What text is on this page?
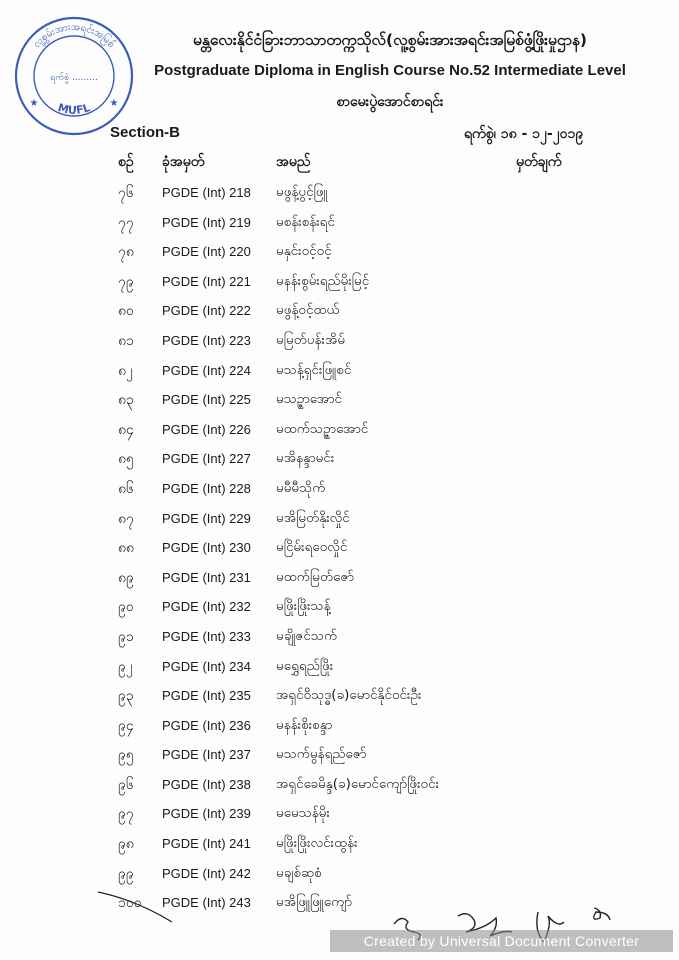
လူ့စွမ်းအားအရင်းအမြစ်
MUFL
ရက်စွဲ .........
★	★
မန္တလေးနိုင်ငံခြားဘာသာတက္ကသိုလ်(လူ့စွမ်းအားအရင်းအမြစ်ဖွံ့ဖြိုးမှုဌာန)
Postgraduate Diploma in English Course No.52 Intermediate Level
စာမေးပွဲအောင်စာရင်း
Section-B	ရက်စွဲ၊ ၁၈ - ၁၂-၂၀၁၉
စဉ် ခုံအမှတ်	အမည်	မှတ်ချက်
၇၆ PGDE (Int) 218 မဖွန့်ပွင့်ဖြူ
၇၇ PGDE (Int) 219 မစန်းစန်းရင်
၇၈ PGDE (Int) 220 မနှင်းဝင့်ဝင့်
၇၉ PGDE (Int) 221 မနန်းစွမ်းရည်မိုးမြင့်
၈၀ PGDE (Int) 222 မဖွန့်ဝင့်ထယ်
၈၁ PGDE (Int) 223 မမြတ်ပန်းအိမ်
၈၂ PGDE (Int) 224 မသန့်ရှင်းဖြူစင်
၈၃ PGDE (Int) 225 မသဉ္ဇာအောင်
၈၄ PGDE (Int) 226 မထက်သဉ္ဇာအောင်
၈၅ PGDE (Int) 227 မအိနန္ဒာမင်း
၈၆ PGDE (Int) 228 မမီမီသိုက်
၈၇ PGDE (Int) 229 မအိမြတ်နိုးလှိုင်
၈၈ PGDE (Int) 230 မငြိမ်းရဝေလှိုင်
၈၉ PGDE (Int) 231 မထက်မြတ်ဇော်
၉၀ PGDE (Int) 232 မဖြိုးဖြိုးသန့်
၉၁ PGDE (Int) 233 မချိုဇင်သက်
၉၂ PGDE (Int) 234 မရွှေရည်ဖြိုး
၉၃ PGDE (Int) 235 အရှင်ဝိသုဒ္ဓ(ခ)မောင်နိုင်ဝင်းဦး
၉၄ PGDE (Int) 236 မနန်းစိုးစန္ဒာ
၉၅ PGDE (Int) 237 မသက်မွန်ရည်ဇော်
၉၆ PGDE (Int) 238 အရှင်ခေမိန္ဒ(ခ)မောင်ကျော်ဖြိုးဝင်း
၉၇ PGDE (Int) 239 မမေသန်မိုး
၉၈ PGDE (Int) 241 မဖြိုးဖြိုးလင်းထွန်း
၉၉ PGDE (Int) 242 မချစ်ဆုစံ
၁၀၀ PGDE (Int) 243 မအိဖြူဖြူကျော်
Created by Universal Document Converter
